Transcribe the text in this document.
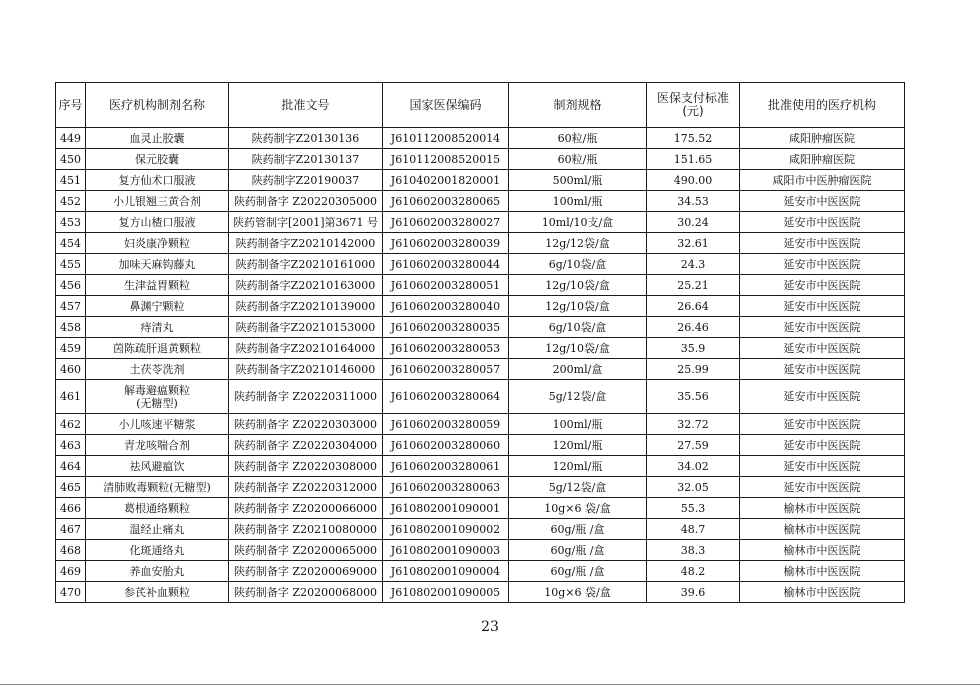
序号	医疗机构制剂名称	批准文号	国家医保编码	制剂规格	医保支付标准
(元)	批准使用的医疗机构
449	血灵止胶囊	陕药制字Z20130136	J610112008520014	60粒/瓶	175.52	咸阳肿瘤医院
450	保元胶囊	陕药制字Z20130137	J610112008520015	60粒/瓶	151.65	咸阳肿瘤医院
451	复方仙术口服液	陕药制字Z20190037	J610402001820001	500ml/瓶	490.00	咸阳市中医肿瘤医院
452	小儿银翘三黄合剂	陕药制备字 Z20220305000	J610602003280065	100ml/瓶	34.53	延安市中医医院
453	复方山楂口服液	陕药管制字[2001]第3671 号	J610602003280027	10ml/10支/盒	30.24	延安市中医医院
454	妇炎康净颗粒	陕药制备字Z20210142000	J610602003280039	12g/12袋/盒	32.61	延安市中医医院
455	加味天麻钩藤丸	陕药制备字Z20210161000	J610602003280044	6g/10袋/盒	24.3	延安市中医医院
456	生津益胃颗粒	陕药制备字Z20210163000	J610602003280051	12g/10袋/盒	25.21	延安市中医医院
457	鼻渊宁颗粒	陕药制备字Z20210139000	J610602003280040	12g/10袋/盒	26.64	延安市中医医院
458	痔清丸	陕药制备字Z20210153000	J610602003280035	6g/10袋/盒	26.46	延安市中医医院
459	茵陈疏肝退黄颗粒	陕药制备字Z20210164000	J610602003280053	12g/10袋/盒	35.9	延安市中医医院
460	土茯苓洗剂	陕药制备字Z20210146000	J610602003280057	200ml/盒	25.99	延安市中医医院
461	解毒避瘟颗粒
(无糖型)	陕药制备字 Z20220311000	J610602003280064	5g/12袋/盒	35.56	延安市中医医院
462	小儿咳速平糖浆	陕药制备字 Z20220303000	J610602003280059	100ml/瓶	32.72	延安市中医医院
463	青龙咳喘合剂	陕药制备字 Z20220304000	J610602003280060	120ml/瓶	27.59	延安市中医医院
464	祛风避瘟饮	陕药制备字 Z20220308000	J610602003280061	120ml/瓶	34.02	延安市中医医院
465	清肺败毒颗粒(无糖型)	陕药制备字 Z20220312000	J610602003280063	5g/12袋/盒	32.05	延安市中医医院
466	葛根通络颗粒	陕药制备字 Z20200066000	J610802001090001	10g×6 袋/盒	55.3	榆林市中医医院
467	温经止痛丸	陕药制备字 Z20210080000	J610802001090002	60g/瓶 /盒	48.7	榆林市中医医院
468	化斑通络丸	陕药制备字 Z20200065000	J610802001090003	60g/瓶 /盒	38.3	榆林市中医医院
469	养血安胎丸	陕药制备字 Z20200069000	J610802001090004	60g/瓶 /盒	48.2	榆林市中医医院
470	参芪补血颗粒	陕药制备字 Z20200068000	J610802001090005	10g×6 袋/盒	39.6	榆林市中医医院
23
